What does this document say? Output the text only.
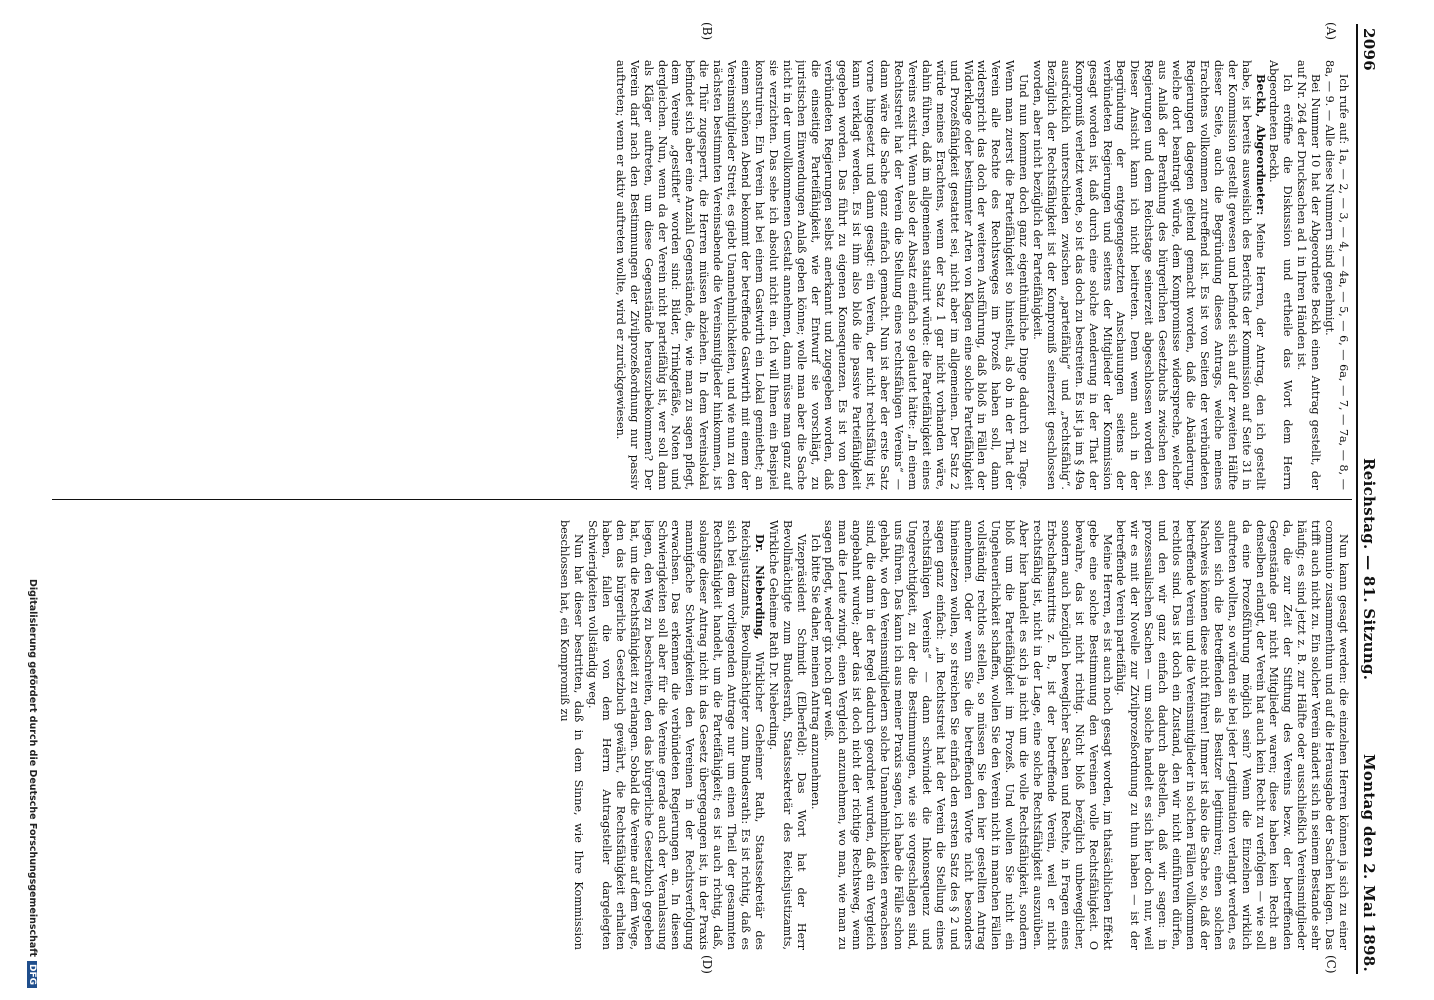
2096
Reichstag. — 81. Sitzung.
Montag den 2. Mai 1898.
(A)
(B)
(C)
(D)

Ich rufe auf: 1a, — 2, — 3, — 4, — 4a, — 5, — 6, — 6a, — 7, — 7a, — 8, — 8a, — 9. — Alle diese Nummern sind genehmigt.

Bei Nummer 10 hat der Abgeordnete Beckh einen Antrag gestellt, der auf Nr. 264 der Drucksachen ad 1 in Ihren Händen ist.

Ich eröffne die Diskussion und ertheile das Wort dem Herrn Abgeordneten Beckh.

Beckh, Abgeordneter: Meine Herren, der Antrag, den ich gestellt habe, ist bereits ausweislich des Berichts der Kommission auf Seite 31 in der Kommission gestellt gewesen und befindet sich auf der zweiten Hälfte dieser Seite, auch die Begründung dieses Antrags, welche meines Erachtens vollkommen zutreffend ist. Es ist von Seiten der verbündeten Regierungen dagegen geltend gemacht worden, daß die Abänderung, welche dort beantragt würde, dem Kompromisse widerspreche, welcher aus Anlaß der Berathung des bürgerlichen Gesetzbuchs zwischen den Regierungen und dem Reichstage seinerzeit abgeschlossen worden sei. Dieser Ansicht kann ich nicht beitreten. Denn wenn auch in der Begründung der entgegengesetzten Anschauungen seitens der verbündeten Regierungen und seitens der Mitglieder der Kommission gesagt worden ist, daß durch eine solche Aenderung in der That der Kompromiß verletzt werde, so ist das doch zu bestreiten. Es ist ja im § 49a ausdrücklich unterschieden zwischen „parteifähig“ und „rechtsfähig“. Bezüglich der Rechtsfähigkeit ist der Kompromiß seinerzeit geschlossen worden, aber nicht bezüglich der Parteifähigkeit.

Und nun kommen doch ganz eigenthümliche Dinge dadurch zu Tage. Wenn man zuerst die Parteifähigkeit so hinstellt, als ob in der That der Verein alle Rechte des Rechtsweges im Prozeß haben soll, dann widerspricht das doch der weiteren Ausführung, daß bloß in Fällen der Widerklage oder bestimmter Arten von Klagen eine solche Parteifähigkeit und Prozeßfähigkeit gestattet sei, nicht aber im allgemeinen. Der Satz 2 würde meines Erachtens, wenn der Satz 1 gar nicht vorhanden wäre, dahin führen, daß im allgemeinen statuirt würde: die Parteifähigkeit eines Vereins existirt. Wenn also der Absatz einfach so gelautet hätte: „In einem Rechtsstreit hat der Verein die Stellung eines rechtsfähigen Vereins“ — dann wäre die Sache ganz einfach gemacht. Nun ist aber der erste Satz vorne hingesetzt und dann gesagt: ein Verein, der nicht rechtsfähig ist, kann verklagt werden. Es ist ihm also bloß die passive Parteifähigkeit gegeben worden. Das führt zu eigenen Konsequenzen. Es ist von den verbündeten Regierungen selbst anerkannt und zugegeben worden, daß die einseitige Parteifähigkeit, wie der Entwurf sie vorschlägt, zu juristischen Einwendungen Anlaß geben könne; wolle man aber die Sache nicht in der unvollkommenen Gestalt annehmen, dann müsse man ganz auf sie verzichten. Das sehe ich absolut nicht ein. Ich will Ihnen ein Beispiel konstruiren. Ein Verein hat bei einem Gastwirth ein Lokal gemiethet; an einem schönen Abend bekommt der betreffende Gastwirth mit einem der Vereinsmitglieder Streit, es giebt Unannehmlichkeiten, und wie nun zu den nächsten bestimmten Vereinsabende die Vereinsmitglieder hinkommen, ist die Thür zugesperrt, die Herren müssen abziehen. In dem Vereinslokal befindet sich aber eine Anzahl Gegenstände, die, wie man zu sagen pflegt, dem Vereine „gestiftet“ worden sind: Bilder, Trinkgefäße, Noten und dergleichen. Nun, wenn da der Verein nicht parteifähig ist, wer soll dann als Kläger auftreten, um diese Gegenstände herauszubekommen? Der Verein darf nach den Bestimmungen der Zivilprozeßordnung nur passiv auftreten; wenn er aktiv auftreten wollte, wird er zurückgewiesen.

Nun kann gesagt werden: die einzelnen Herren können ja sich zu einer communio zusammenthun und auf die Herausgabe der Sachen klagen. Das trifft auch nicht zu. Ein solcher Verein ändert sich in seinem Bestande sehr häufig; es sind jetzt z. B. zur Hälfte oder ausschließlich Vereinsmitglieder da, die zur Zeit der Stiftung des Vereins bezw. der betreffenden Gegenstände gar nicht Mitglieder waren; diese haben kein Recht an denselben erlangt, der Verein hat auch kein Recht zu verfolgen — wie soll da eine Prozeßführung möglich sein? Wenn die Einzelnen wirklich auftreten wollten, so würden sie bei jeder Legitimation verlangt werden, es sollen sich die Betreffenden als Besitzer legitimiren; einen solchen Nachweis können diese nicht führen! Immer ist also die Sache so, daß der betreffende Verein und die Vereinsmitglieder in solchen Fällen vollkommen rechtlos sind. Das ist doch ein Zustand, den wir nicht einführen dürfen, und den wir ganz einfach dadurch abstellen, daß wir sagen: in prozessualischen Sachen — um solche handelt es sich hier doch nur, weil wir es mit der Novelle zur Zivilprozeßordnung zu thun haben — ist der betreffende Verein parteifähig.

Meine Herren, es ist auch noch gesagt worden, im thatsächlichen Effekt gebe eine solche Bestimmung den Vereinen volle Rechtsfähigkeit. O bewahre, das ist nicht richtig. Nicht bloß bezüglich unbeweglicher, sondern auch bezüglich beweglicher Sachen und Rechte, in Fragen eines Erbschaftsantritts z. B., ist der betreffende Verein, weil er nicht rechtsfähig ist, nicht in der Lage, eine solche Rechtsfähigkeit auszuüben. Aber hier handelt es sich ja nicht um die volle Rechtsfähigkeit, sondern bloß um die Parteifähigkeit im Prozeß. Und wollen Sie nicht ein Ungeheuerlichkeit schaffen, wollen Sie den Verein nicht in manchen Fällen vollständig rechtlos stellen, so müssen Sie den hier gestellten Antrag annehmen. Oder wenn Sie die betreffenden Worte nicht besonders hineinsetzen wollen, so streichen Sie einfach den ersten Satz des § 2 und sagen ganz einfach: „in Rechtsstreit hat der Verein die Stellung eines rechtsfähigen Vereins“ — dann schwindet die Inkonsequenz und Ungerechtigkeit, zu der die Bestimmungen, wie sie vorgeschlagen sind, uns führen. Das kann ich aus meiner Praxis sagen, ich habe die Fälle schon gehabt, wo den Vereinsmitgliedern solche Unannehmlichkeiten erwachsen sind, die dann in der Regel dadurch geordnet wurden, daß ein Vergleich angebahnt wurde; aber das ist doch nicht der richtige Rechtsweg, wenn man die Leute zwingt, einen Vergleich anzunehmen, wo man, wie man zu sagen pflegt, weder gix noch gar weiß.

Ich bitte Sie daher, meinen Antrag anzunehmen.

Vizepräsident Schmidt (Elberfeld): Das Wort hat der Herr Bevollmächtigte zum Bundesrath, Staatssekretär des Reichsjustizamts, Wirkliche Geheime Rath Dr. Nieberding.

Dr. Nieberding, Wirklicher Geheimer Rath, Staatssekretär des Reichsjustizamts, Bevollmächtigter zum Bundesrath: Es ist richtig, daß es sich bei dem vorliegenden Antrage nur um einen Theil der gesammten Rechtsfähigkeit handelt, um die Parteifähigkeit; es ist auch richtig, daß, solange dieser Antrag nicht in das Gesetz übergegangen ist, in der Praxis mannigfache Schwierigkeiten den Vereinen in der Rechtsverfolgung erwachsen. Das erkennen die verbündeten Regierungen an. In diesen Schwierigkeiten soll aber für die Vereine gerade auch der Veranlassung liegen, den Weg zu beschreiten, den das bürgerliche Gesetzbuch gegeben hat, um die Rechtsfähigkeit zu erlangen. Sobald die Vereine auf dem Wege, den das bürgerliche Gesetzbuch gewährt, die Rechtsfähigkeit erhalten haben, fallen die von dem Herrn Antragsteller dargelegten Schwierigkeiten vollständig weg.

Nun hat dieser bestritten, daß in dem Sinne, wie Ihre Kommission beschlossen hat, ein Kompromiß zu

Digitalisierung gefördert durch die Deutsche ForschungsgemeinschaftDFG
